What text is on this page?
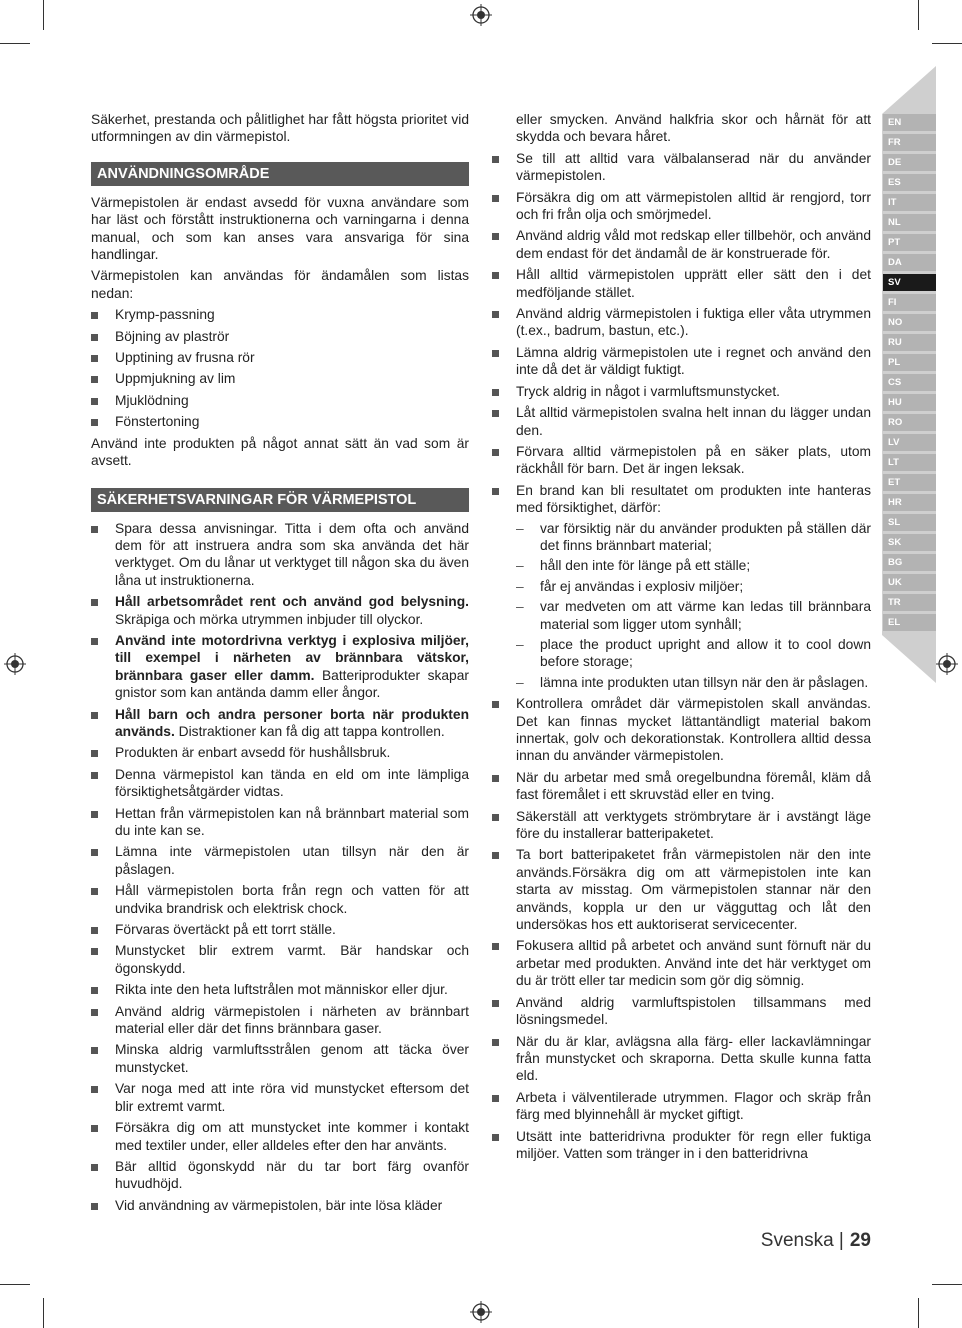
EN
FR
DE
ES
IT
NL
PT
DA
SV
FI
NO
RU
PL
CS
HU
RO
LV
LT
ET
HR
SL
SK
BG
UK
TR
EL

Säkerhet, prestanda och pålitlighet har fått högsta prioritet vid utformningen av din värmepistol.

ANVÄNDNINGSOMRÅDE

Värmepistolen är endast avsedd för vuxna användare som har läst och förstått instruktionerna och varningarna i denna manual, och som kan anses vara ansvariga för sina handlingar.

Värmepistolen kan användas för ändamålen som listas nedan:

Krymp-passning
Böjning av plaströr
Upptining av frusna rör
Uppmjukning av lim
Mjuklödning
Fönstertoning

Använd inte produkten på något annat sätt än vad som är avsett.

SÄKERHETSVARNINGAR FÖR VÄRMEPISTOL
Spara dessa anvisningar. Titta i dem ofta och använd dem för att instruera andra som ska använda det här verktyget. Om du lånar ut verktyget till någon ska du även låna ut instruktionerna.
Håll arbetsområdet rent och använd god belysning. Skräpiga och mörka utrymmen inbjuder till olyckor.
Använd inte motordrivna verktyg i explosiva miljöer, till exempel i närheten av brännbara vätskor, brännbara gaser eller damm. Batteriprodukter skapar gnistor som kan antända damm eller ångor.
Håll barn och andra personer borta när produkten används. Distraktioner kan få dig att tappa kontrollen.
Produkten är enbart avsedd för hushållsbruk.
Denna värmepistol kan tända en eld om inte lämpliga försiktighetsåtgärder vidtas.
Hettan från värmepistolen kan nå brännbart material som du inte kan se.
Lämna inte värmepistolen utan tillsyn när den är påslagen.
Håll värmepistolen borta från regn och vatten för att undvika brandrisk och elektrisk chock.
Förvaras övertäckt på ett torrt ställe.
Munstycket blir extrem varmt. Bär handskar och ögonskydd.
Rikta inte den heta luftstrålen mot människor eller djur.
Använd aldrig värmepistolen i närheten av brännbart material eller där det finns brännbara gaser.
Minska aldrig varmluftsstrålen genom att täcka över munstycket.
Var noga med att inte röra vid munstycket eftersom det blir extremt varmt.
Försäkra dig om att munstycket inte kommer i kontakt med textiler under, eller alldeles efter den har använts.
Bär alltid ögonskydd när du tar bort färg ovanför huvudhöjd.
Vid användning av värmepistolen, bär inte lösa kläder

eller smycken. Använd halkfria skor och hårnät för att skydda och bevara håret.

Se till att alltid vara välbalanserad när du använder värmepistolen.
Försäkra dig om att värmepistolen alltid är rengjord, torr och fri från olja och smörjmedel.
Använd aldrig våld mot redskap eller tillbehör, och använd dem endast för det ändamål de är konstruerade för.
Håll alltid värmepistolen upprätt eller sätt den i det medföljande stället.
Använd aldrig värmepistolen i fuktiga eller våta utrymmen (t.ex., badrum, bastun, etc.).
Lämna aldrig värmepistolen ute i regnet och använd den inte då det är väldigt fuktigt.
Tryck aldrig in något i varmluftsmunstycket.
Låt alltid värmepistolen svalna helt innan du lägger undan den.
Förvara alltid värmepistolen på en säker plats, utom räckhåll för barn. Det är ingen leksak.
En brand kan bli resultatet om produkten inte hanteras med försiktighet, därför:
– var försiktig när du använder produkten på ställen där det finns brännbart material;
– håll den inte för länge på ett ställe;
– får ej användas i explosiv miljöer;
– var medveten om att värme kan ledas till brännbara material som ligger utom synhåll;
– place the product upright and allow it to cool down before storage;
– lämna inte produkten utan tillsyn när den är påslagen.
Kontrollera området där värmepistolen skall användas. Det kan finnas mycket lättantändligt material bakom innertak, golv och dekorationstak. Kontrollera alltid dessa innan du använder värmepistolen.
När du arbetar med små oregelbundna föremål, kläm då fast föremålet i ett skruvstäd eller en tving.
Säkerställ att verktygets strömbrytare är i avstängt läge före du installerar batteripaketet.
Ta bort batteripaketet från värmepistolen när den inte används.Försäkra dig om att värmepistolen inte kan starta av misstag. Om värmepistolen stannar när den används, koppla ur den ur vägguttag och låt den undersökas hos ett auktoriserat servicecenter.
Fokusera alltid på arbetet och använd sunt förnuft när du arbetar med produkten. Använd inte det här verktyget om du är trött eller tar medicin som gör dig sömnig.
Använd aldrig varmluftspistolen tillsammans med lösningsmedel.
När du är klar, avlägsna alla färg- eller lackavlämningar från munstycket och skraporna. Detta skulle kunna fatta eld.
Arbeta i välventilerade utrymmen. Flagor och skräp från färg med blyinnehåll är mycket giftigt.
Utsätt inte batteridrivna produkter för regn eller fuktiga miljöer. Vatten som tränger in i den batteridrivna
Svenska | 29
